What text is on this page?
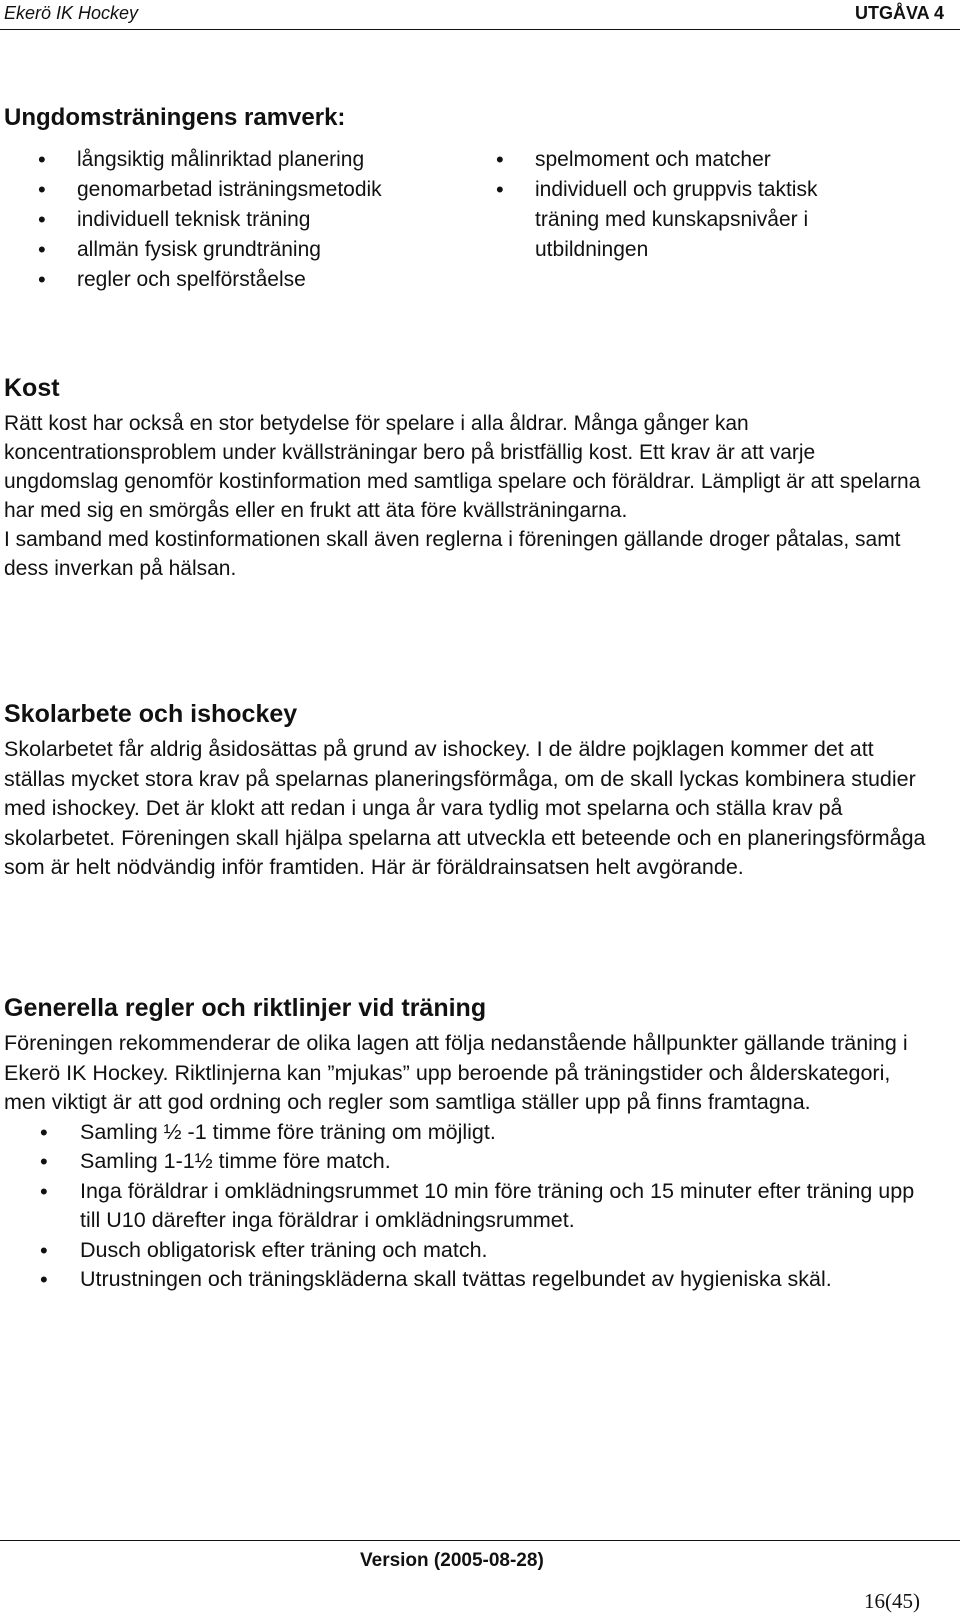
Ekerö IK Hockey	UTGÅVA 4
Ungdomsträningens ramverk:
• långsiktig målinriktad planering
• genomarbetad isträningsmetodik
• individuell teknisk träning
• allmän fysisk grundträning
• regler och spelförståelse
• spelmoment och matcher
• individuell och gruppvis taktisk träning med kunskapsnivåer i utbildningen
Kost

Rätt kost har också en stor betydelse för spelare i alla åldrar. Många gånger kan koncentrationsproblem under kvällsträningar bero på bristfällig kost. Ett krav är att varje ungdomslag genomför kostinformation med samtliga spelare och föräldrar. Lämpligt är att spelarna har med sig en smörgås eller en frukt att äta före kvällsträningarna.

I samband med kostinformationen skall även reglerna i föreningen gällande droger påtalas, samt dess inverkan på hälsan.

Skolarbete och ishockey

Skolarbetet får aldrig åsidosättas på grund av ishockey. I de äldre pojklagen kommer det att ställas mycket stora krav på spelarnas planeringsförmåga, om de skall lyckas kombinera studier med ishockey. Det är klokt att redan i unga år vara tydlig mot spelarna och ställa krav på skolarbetet. Föreningen skall hjälpa spelarna att utveckla ett beteende och en planeringsförmåga som är helt nödvändig inför framtiden. Här är föräldrainsatsen helt avgörande.

Generella regler och riktlinjer vid träning

Föreningen rekommenderar de olika lagen att följa nedanstående hållpunkter gällande träning i Ekerö IK Hockey. Riktlinjerna kan ”mjukas” upp beroende på träningstider och ålderskategori, men viktigt är att god ordning och regler som samtliga ställer upp på finns framtagna.

• Samling ½ -1 timme före träning om möjligt.
• Samling 1-1½ timme före match.
• Inga föräldrar i omklädningsrummet 10 min före träning och 15 minuter efter träning upp till U10 därefter inga föräldrar i omklädningsrummet.
• Dusch obligatorisk efter träning och match.
• Utrustningen och träningskläderna skall tvättas regelbundet av hygieniska skäl.
Version (2005-08-28)
16(45)
